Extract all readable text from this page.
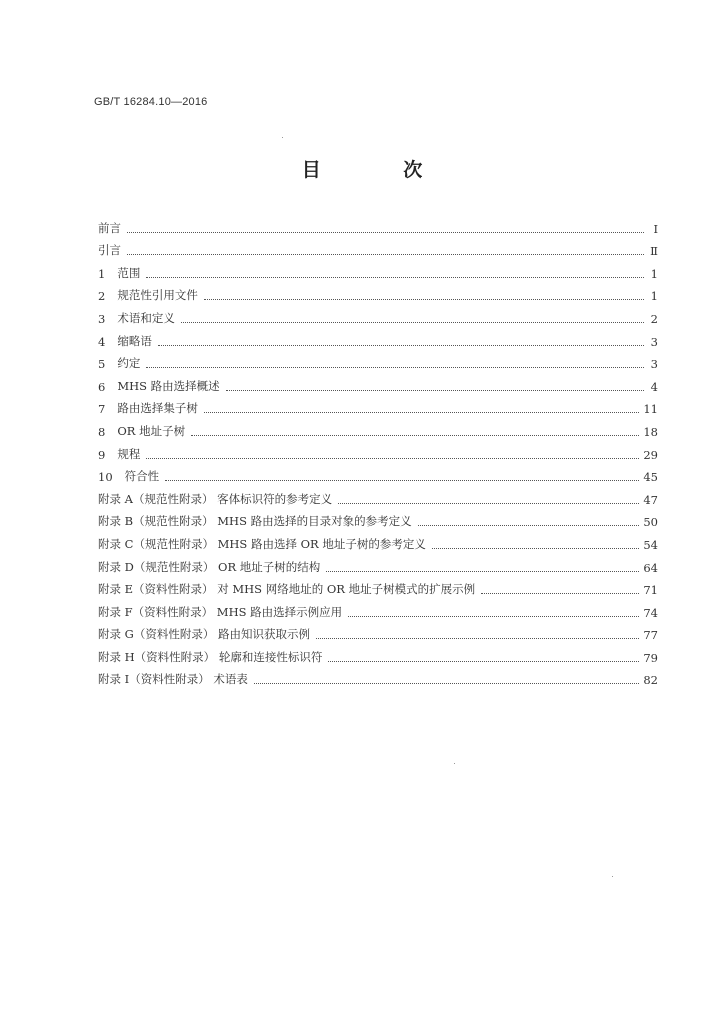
GB/T 16284.10—2016
目 次
前言	Ⅰ
引言	Ⅱ
1 范围	1
2 规范性引用文件	1
3 术语和定义	2
4 缩略语	3
5 约定	3
6 MHS 路由选择概述	4
7 路由选择集子树	11
8 OR 地址子树	18
9 规程	29
10 符合性	45
附录 A（规范性附录） 客体标识符的参考定义	47
附录 B（规范性附录） MHS 路由选择的目录对象的参考定义	50
附录 C（规范性附录） MHS 路由选择 OR 地址子树的参考定义	54
附录 D（规范性附录） OR 地址子树的结构	64
附录 E（资料性附录） 对 MHS 网络地址的 OR 地址子树模式的扩展示例	71
附录 F（资料性附录） MHS 路由选择示例应用	74
附录 G（资料性附录） 路由知识获取示例	77
附录 H（资料性附录） 轮廓和连接性标识符	79
附录 I（资料性附录） 术语表	82
